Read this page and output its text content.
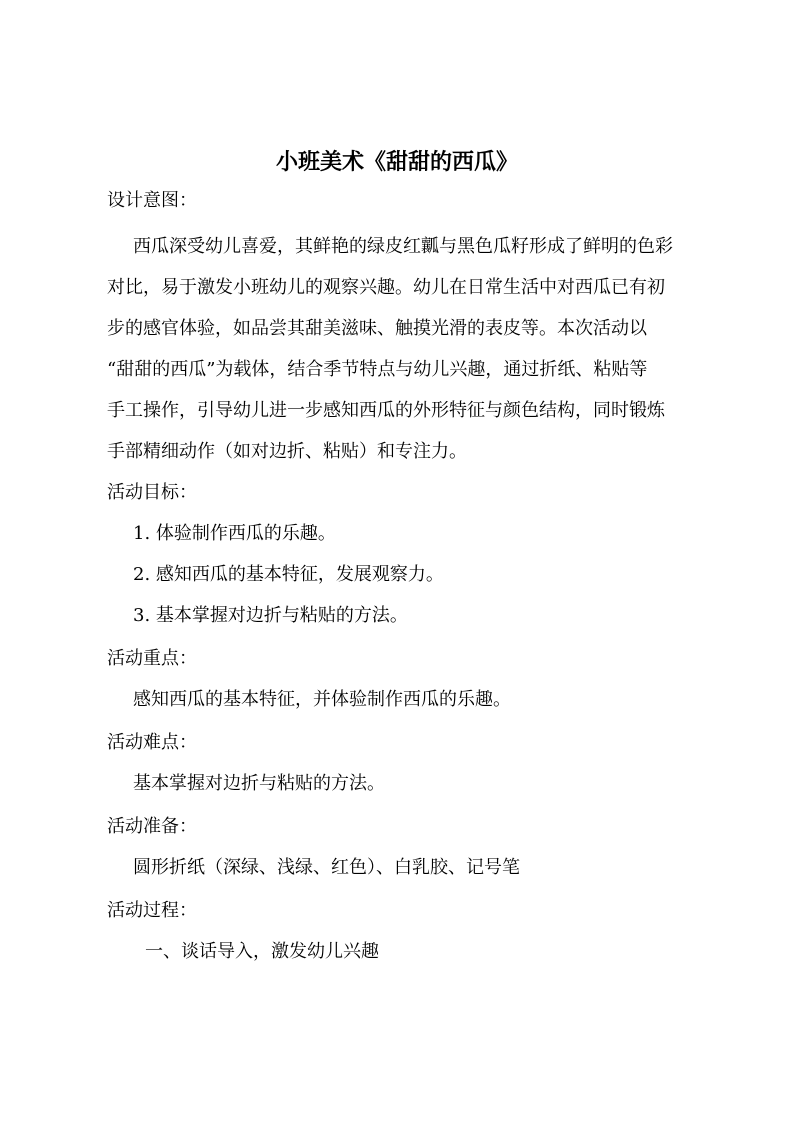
小班美术《甜甜的西瓜》
设计意图：
西瓜深受幼儿喜爱，其鲜艳的绿皮红瓤与黑色瓜籽形成了鲜明的色彩
对比，易于激发小班幼儿的观察兴趣。幼儿在日常生活中对西瓜已有初
步的感官体验，如品尝其甜美滋味、触摸光滑的表皮等。本次活动以
“甜甜的西瓜”为载体，结合季节特点与幼儿兴趣，通过折纸、粘贴等
手工操作，引导幼儿进一步感知西瓜的外形特征与颜色结构，同时锻炼
手部精细动作（如对边折、粘贴）和专注力。
活动目标：
1. 体验制作西瓜的乐趣。
2. 感知西瓜的基本特征，发展观察力。
3. 基本掌握对边折与粘贴的方法。
活动重点：
感知西瓜的基本特征，并体验制作西瓜的乐趣。
活动难点：
基本掌握对边折与粘贴的方法。
活动准备：
圆形折纸（深绿、浅绿、红色）、白乳胶、记号笔
活动过程：
一、谈话导入，激发幼儿兴趣
